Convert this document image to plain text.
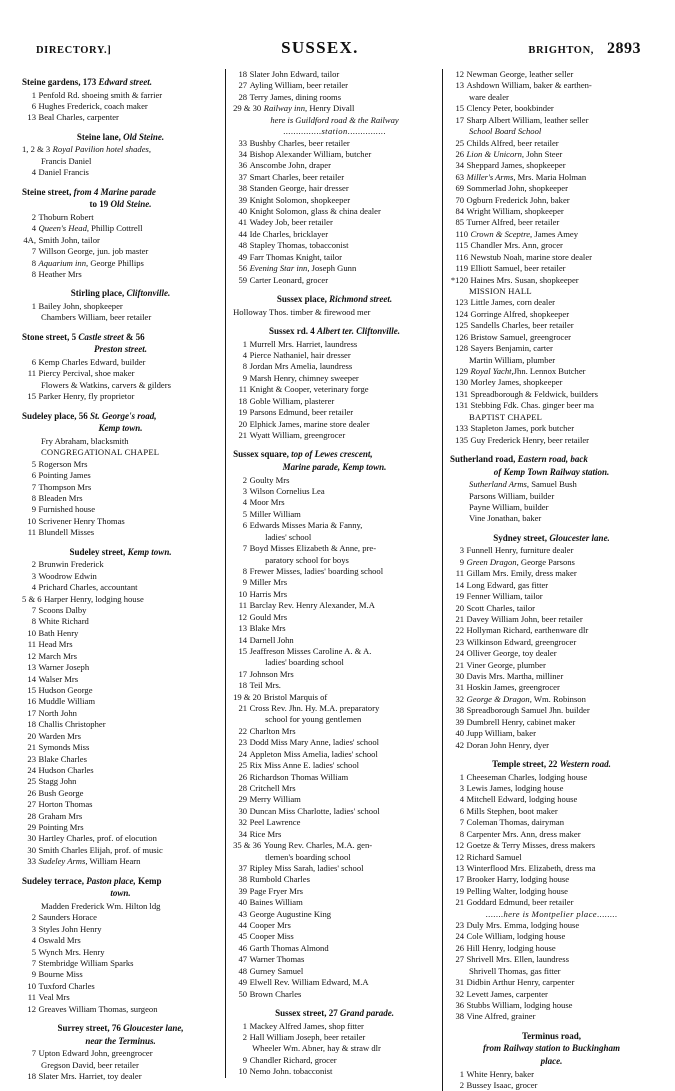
DIRECTORY.]	SUSSEX.	BRIGHTON, 2893
Steine gardens, 173 Edward street.
1 Penfold Rd. shoeing smith & farrier
6 Hughes Frederick, coach maker
13 Beal Charles, carpenter
Steine lane, Old Steine.
1, 2 & 3 Royal Pavilion hotel shades,
Francis Daniel
4 Daniel Francis
Steine street, from 4 Marine parade
to 19 Old Steine.
2 Thoburn Robert
4 Queen's Head, Phillip Cottrell
4A, Smith John, tailor
7 Willson George, jun. job master
8 Aquarium inn, George Phillips
8 Heather Mrs
Stirling place, Cliftonville.
1 Bailey John, shopkeeper
Chambers William, beer retailer
Stone street, 5 Castle street & 56
Preston street.
6 Kemp Charles Edward, builder
11 Piercy Percival, shoe maker
Flowers & Watkins, carvers & gilders
15 Parker Henry, fly proprietor
Sudeley place, 56 St. George's road,
Kemp town.
Fry Abraham, blacksmith
CONGREGATIONAL CHAPEL
5 Rogerson Mrs
6 Pointing James
7 Thompson Mrs
8 Bleaden Mrs
9 Furnished house
10 Scrivener Henry Thomas
11 Blundell Misses
Sudeley street, Kemp town.
2 Brunwin Frederick
3 Woodrow Edwin
4 Prichard Charles, accountant
5 & 6 Harper Henry, lodging house
7 Scoons Dalby
8 White Richard
10 Bath Henry
11 Head Mrs
12 March Mrs
13 Warner Joseph
14 Walser Mrs
15 Hudson George
16 Muddle William
17 North John
18 Challis Christopher
20 Warden Mrs
21 Symonds Miss
23 Blake Charles
24 Hudson Charles
25 Stagg John
26 Bush George
27 Horton Thomas
28 Graham Mrs
29 Pointing Mrs
30 Hartley Charles, prof. of elocution
30 Smith Charles Elijah, prof. of music
33 Sudeley Arms, William Hearn
Sudeley terrace, Paston place, Kemp
town.
Madden Frederick Wm. Hilton ldg
2 Saunders Horace
3 Styles John Henry
4 Oswald Mrs
5 Wynch Mrs. Henry
7 Stembridge William Sparks
9 Bourne Miss
10 Tuxford Charles
11 Veal Mrs
12 Greaves William Thomas, surgeon
Surrey street, 76 Gloucester lane,
near the Terminus.
7 Upton Edward John, greengrocer
Gregson David, beer retailer
18 Slater Mrs. Harriet, toy dealer
18 Slater John Edward, tailor
27 Ayling William, beer retailer
28 Terry James, dining rooms
29 & 30 Railway inn, Henry Divall
here is Guildford road & the Railway
...............station...............
33 Bushby Charles, beer retailer
34 Bishop Alexander William, butcher
36 Anscombe John, draper
37 Smart Charles, beer retailer
38 Standen George, hair dresser
39 Knight Solomon, shopkeeper
40 Knight Solomon, glass & china dealer
41 Wadey Job, beer retailer
44 Ide Charles, bricklayer
48 Stapley Thomas, tobacconist
49 Farr Thomas Knight, tailor
56 Evening Star inn, Joseph Gunn
59 Carter Leonard, grocer
Sussex place, Richmond street.
Holloway Thos. timber & firewood mer
Sussex rd. 4 Albert ter. Cliftonville.
1 Murrell Mrs. Harriet, laundress
4 Pierce Nathaniel, hair dresser
8 Jordan Mrs Amelia, laundress
9 Marsh Henry, chimney sweeper
11 Knight & Cooper, veterinary forge
18 Goble William, plasterer
19 Parsons Edmund, beer retailer
20 Elphick James, marine store dealer
21 Wyatt William, greengrocer
Sussex square, top of Lewes crescent,
Marine parade, Kemp town.
2 Goulty Mrs
3 Wilson Cornelius Lea
4 Moor Mrs
5 Miller William
6 Edwards Misses Maria & Fanny,
ladies' school
7 Boyd Misses Elizabeth & Anne, pre-
paratory school for boys
8 Frewer Misses, ladies' boarding school
9 Miller Mrs
10 Harris Mrs
11 Barclay Rev. Henry Alexander, M.A
12 Gould Mrs
13 Blake Mrs
14 Darnell John
15 Jeaffreson Misses Caroline A. & A.
ladies' boarding school
17 Johnson Mrs
18 Teil Mrs.
19 & 20 Bristol Marquis of
21 Cross Rev. Jhn. Hy. M.A. preparatory
school for young gentlemen
22 Charlton Mrs
23 Dodd Miss Mary Anne, ladies' school
24 Appleton Miss Amelia, ladies' school
25 Rix Miss Anne E. ladies' school
26 Richardson Thomas William
28 Critchell Mrs
29 Merry William
30 Duncan Miss Charlotte, ladies' school
32 Peel Lawrence
34 Rice Mrs
35 & 36 Young Rev. Charles, M.A. gen-
tlemen's boarding school
37 Ripley Miss Sarah, ladies' school
38 Rumbold Charles
39 Page Fryer Mrs
40 Baines William
43 George Augustine King
44 Cooper Mrs
45 Cooper Miss
46 Garth Thomas Almond
47 Warner Thomas
48 Gurney Samuel
49 Elwell Rev. William Edward, M.A
50 Brown Charles
Sussex street, 27 Grand parade.
1 Mackey Alfred James, shop fitter
2 Hall William Joseph, beer retailer
Wheeler Wm. Abner, hay & straw dlr
9 Chandler Richard, grocer
10 Nemo John. tobacconist
12 Newman George, leather seller
13 Ashdown William, baker & earthen-
ware dealer
15 Clency Peter, bookbinder
17 Sharp Albert William, leather seller
School Board School
25 Childs Alfred, beer retailer
26 Lion & Unicorn, John Steer
34 Sheppard James, shopkeeper
63 Miller's Arms, Mrs. Maria Holman
69 Sommerlad John, shopkeeper
70 Ogburn Frederick John, baker
84 Wright William, shopkeeper
85 Turner Alfred, beer retailer
110 Crown & Sceptre, James Amey
115 Chandler Mrs. Ann, grocer
116 Newstub Noah, marine store dealer
119 Elliott Samuel, beer retailer
*120 Haines Mrs. Susan, shopkeeper
MISSION HALL
123 Little James, corn dealer
124 Gorringe Alfred, shopkeeper
125 Sandells Charles, beer retailer
126 Bristow Samuel, greengrocer
128 Sayers Benjamin, carter
Martin William, plumber
129 Royal Yacht,Jhn. Lennox Butcher
130 Morley James, shopkeeper
131 Spreadborough & Feldwick, builders
131 Stebbing Fdk. Chas. ginger beer ma
BAPTIST CHAPEL
133 Stapleton James, pork butcher
135 Guy Frederick Henry, beer retailer
Sutherland road, Eastern road, back
of Kemp Town Railway station.
Sutherland Arms, Samuel Bush
Parsons William, builder
Payne William, builder
Vine Jonathan, baker
Sydney street, Gloucester lane.
3 Funnell Henry, furniture dealer
9 Green Dragon, George Parsons
11 Gillam Mrs. Emily, dress maker
14 Long Edward, gas fitter
19 Fenner William, tailor
20 Scott Charles, tailor
21 Davey William John, beer retailer
22 Hollyman Richard, earthenware dlr
23 Wilkinson Edward, greengrocer
24 Olliver George, toy dealer
21 Viner George, plumber
30 Davis Mrs. Martha, milliner
31 Hoskin James, greengrocer
32 George & Dragon, Wm. Robinson
38 Spreadborough Samuel Jhn. builder
39 Dumbrell Henry, cabinet maker
40 Jupp William, baker
42 Doran John Henry, dyer
Temple street, 22 Western road.
1 Cheeseman Charles, lodging house
3 Lewis James, lodging house
4 Mitchell Edward, lodging house
6 Mills Stephen, boot maker
7 Coleman Thomas, dairyman
8 Carpenter Mrs. Ann, dress maker
12 Goetze & Terry Misses, dress makers
12 Richard Samuel
13 Winterflood Mrs. Elizabeth, dress ma
17 Brooker Harry, lodging house
19 Pelling Walter, lodging house
21 Goddard Edmund, beer retailer
.......here is Montpelier place........
23 Duly Mrs. Emma, lodging house
24 Cole William, lodging house
26 Hill Henry, lodging house
27 Shrivell Mrs. Ellen, laundress
Shrivell Thomas, gas fitter
31 Didbin Arthur Henry, carpenter
32 Levett James, carpenter
36 Stubbs William, lodging house
38 Vine Alfred, grainer
Terminus road,
from Railway station to Buckingham
place.
1 White Henry, baker
2 Bussey Isaac, grocer
